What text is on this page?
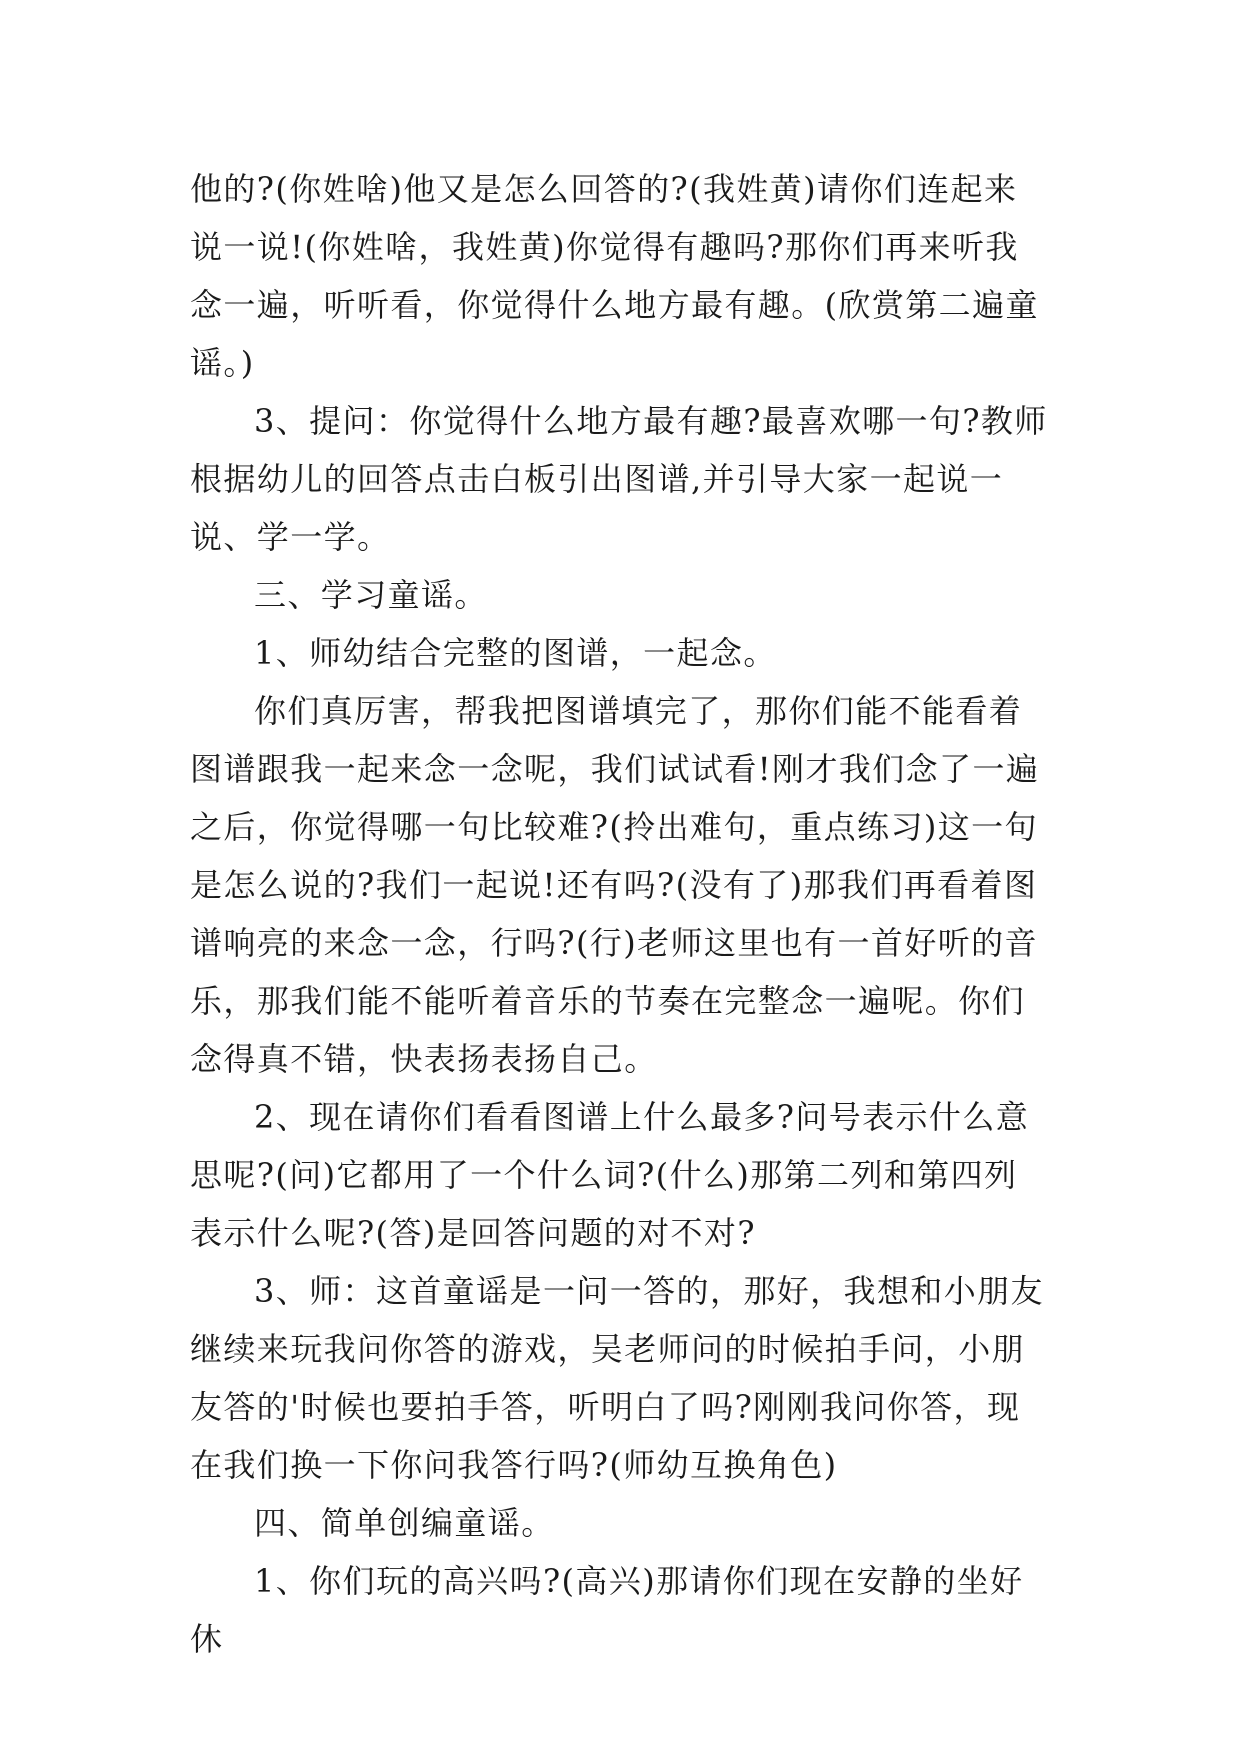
他的?(你姓啥)他又是怎么回答的?(我姓黄)请你们连起来说一说!(你姓啥，我姓黄)你觉得有趣吗?那你们再来听我念一遍，听听看，你觉得什么地方最有趣。(欣赏第二遍童谣。)

3、提问：你觉得什么地方最有趣?最喜欢哪一句?教师根据幼儿的回答点击白板引出图谱,并引导大家一起说一说、学一学。

三、学习童谣。

1、师幼结合完整的图谱，一起念。

你们真厉害，帮我把图谱填完了，那你们能不能看着图谱跟我一起来念一念呢，我们试试看!刚才我们念了一遍之后，你觉得哪一句比较难?(拎出难句，重点练习)这一句是怎么说的?我们一起说!还有吗?(没有了)那我们再看着图谱响亮的来念一念，行吗?(行)老师这里也有一首好听的音乐，那我们能不能听着音乐的节奏在完整念一遍呢。你们念得真不错，快表扬表扬自己。

2、现在请你们看看图谱上什么最多?问号表示什么意思呢?(问)它都用了一个什么词?(什么)那第二列和第四列表示什么呢?(答)是回答问题的对不对?

3、师：这首童谣是一问一答的，那好，我想和小朋友继续来玩我问你答的游戏，吴老师问的时候拍手问，小朋友答的'时候也要拍手答，听明白了吗?刚刚我问你答，现在我们换一下你问我答行吗?(师幼互换角色)

四、简单创编童谣。

1、你们玩的高兴吗?(高兴)那请你们现在安静的坐好休
